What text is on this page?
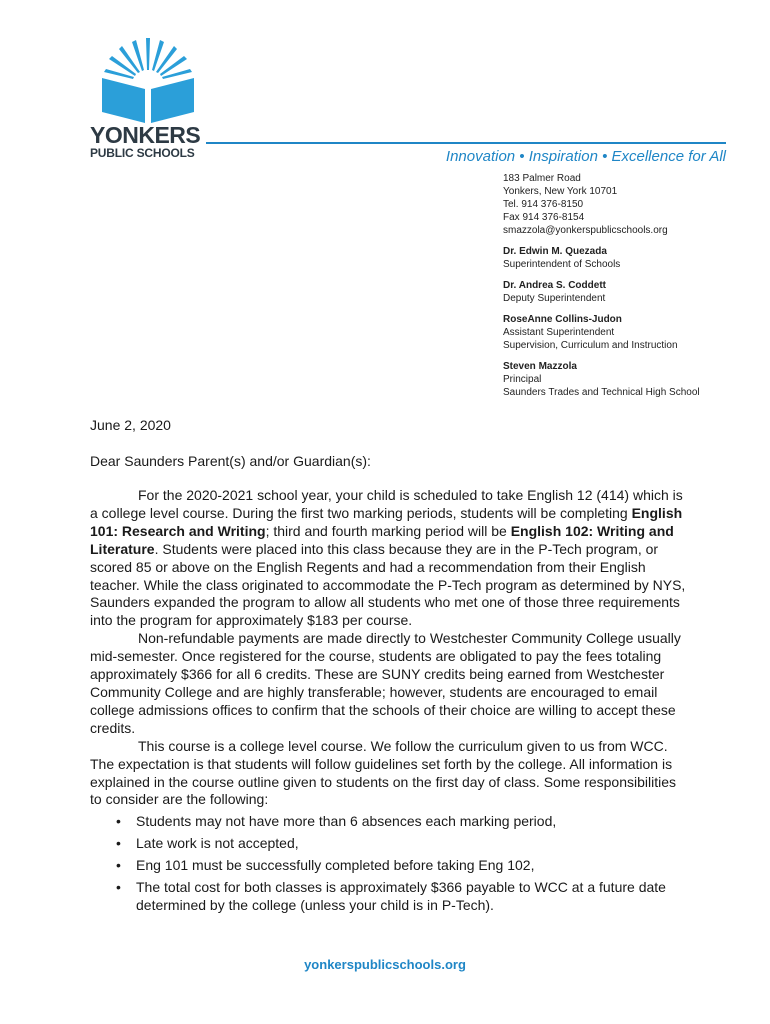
YONKERS
PUBLIC SCHOOLS	Innovation • Inspiration • Excellence for All
183 Palmer Road
Yonkers, New York 10701
Tel. 914 376-8150
Fax 914 376-8154
smazzola@yonkerspublicschools.org
Dr. Edwin M. Quezada
Superintendent of Schools
Dr. Andrea S. Coddett
Deputy Superintendent
RoseAnne Collins-Judon
Assistant Superintendent
Supervision, Curriculum and Instruction
Steven Mazzola
Principal
Saunders Trades and Technical High School
June 2, 2020
Dear Saunders Parent(s) and/or Guardian(s):

For the 2020-2021 school year, your child is scheduled to take English 12 (414) which is a college level course. During the first two marking periods, students will be completing English 101: Research and Writing; third and fourth marking period will be English 102: Writing and Literature. Students were placed into this class because they are in the P-Tech program, or scored 85 or above on the English Regents and had a recommendation from their English teacher. While the class originated to accommodate the P-Tech program as determined by NYS, Saunders expanded the program to allow all students who met one of those three requirements into the program for approximately $183 per course.

Non-refundable payments are made directly to Westchester Community College usually mid-semester. Once registered for the course, students are obligated to pay the fees totaling approximately $366 for all 6 credits. These are SUNY credits being earned from Westchester Community College and are highly transferable; however, students are encouraged to email college admissions offices to confirm that the schools of their choice are willing to accept these credits.

This course is a college level course. We follow the curriculum given to us from WCC. The expectation is that students will follow guidelines set forth by the college. All information is explained in the course outline given to students on the first day of class. Some responsibilities to consider are the following:

• Students may not have more than 6 absences each marking period,
• Late work is not accepted,
• Eng 101 must be successfully completed before taking Eng 102,
• The total cost for both classes is approximately $366 payable to WCC at a future date determined by the college (unless your child is in P-Tech).
yonkerspublicschools.org
